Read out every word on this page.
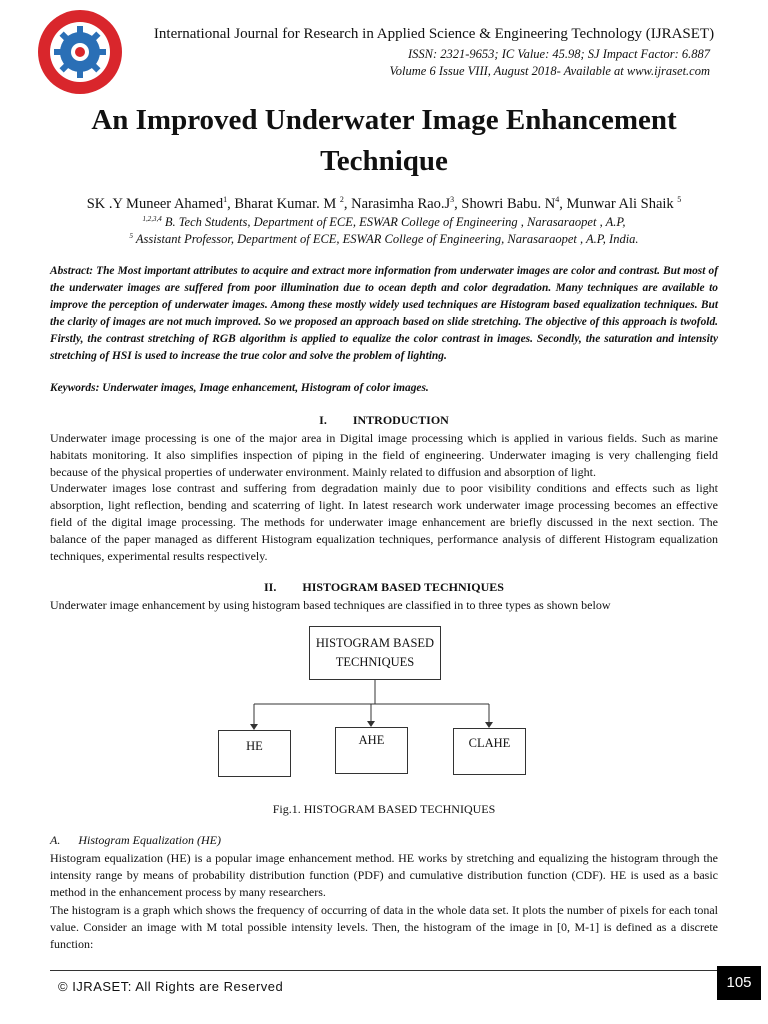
International Journal for Research in Applied Science & Engineering Technology (IJRASET)
ISSN: 2321-9653; IC Value: 45.98; SJ Impact Factor: 6.887
Volume 6 Issue VIII, August 2018- Available at www.ijraset.com
An Improved Underwater Image Enhancement
Technique
SK .Y Muneer Ahamed$^1$, Bharat Kumar. M $^2$, Narasimha $Rao.J^3$, Showri Babu. $N^4$, Munwar Ali Shaik $^5$
$^{1,2,3,4}$ B. Tech Students, Department of ECE, ESWAR College of Engineering , Narasaraopet , A.P,
$^5$ Assistant Professor, Department of ECE, ESWAR College of Engineering, Narasaraopet , A.P, India.

Abstract: The Most important attributes to acquire and extract more information from underwater images are color and contrast. But most of the underwater images are suffered from poor illumination due to ocean depth and color degradation. Many techniques are available to improve the perception of underwater images. Among these mostly widely used techniques are Histogram based equalization techniques. But the clarity of images are not much improved. So we proposed an approach based on slide stretching. The objective of this approach is twofold. Firstly, the contrast stretching of RGB algorithm is applied to equalize the color contrast in images. Secondly, the saturation and intensity stretching of HSI is used to increase the true color and solve the problem of lighting.

Keywords: Underwater images, Image enhancement, Histogram of color images.

I. INTRODUCTION

Underwater image processing is one of the major area in Digital image processing which is applied in various fields. Such as marine habitats monitoring. It also simplifies inspection of piping in the field of engineering. Underwater imaging is very challenging field because of the physical properties of underwater environment. Mainly related to diffusion and absorption of light.

Underwater images lose contrast and suffering from degradation mainly due to poor visibility conditions and effects such as light absorption, light reflection, bending and scaterring of light. In latest research work underwater image processing becomes an effective field of the digital image processing. The methods for underwater image enhancement are briefly discussed in the next section. The balance of the paper managed as different Histogram equalization techniques, performance analysis of different Histogram equalization techniques, experimental results respectively.

II. HISTOGRAM BASED TECHNIQUES

Underwater image enhancement by using histogram based techniques are classified in to three types as shown below

HISTOGRAM BASED
TECHNIQUES
HE	AHE	CLAHE
Fig.1. HISTOGRAM BASED TECHNIQUES
A. Histogram Equalization (HE)

Histogram equalization (HE) is a popular image enhancement method. HE works by stretching and equalizing the histogram through the intensity range by means of probability distribution function (PDF) and cumulative distribution function (CDF). HE is used as a basic method in the enhancement process by many researchers.

The histogram is a graph which shows the frequency of occurring of data in the whole data set. It plots the number of pixels for each tonal value. Consider an image with M total possible intensity levels. Then, the histogram of the image in [0, M-1] is defined as a discrete function:

© IJRASET: All Rights are Reserved	105
